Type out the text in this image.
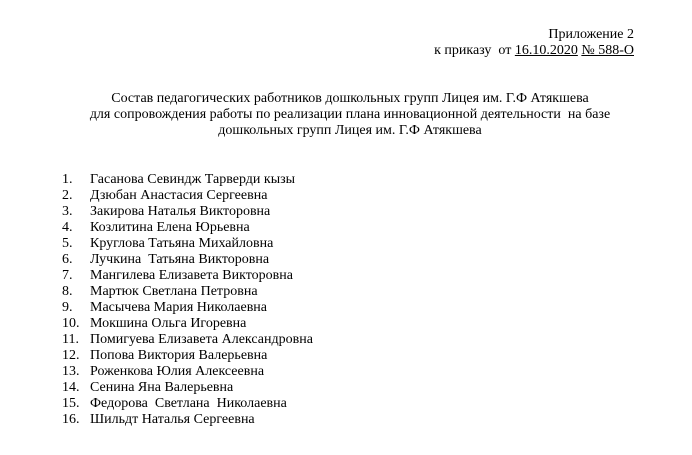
Приложение 2
к приказу  от 16.10.2020 № 588-О
Состав педагогических работников дошкольных групп Лицея им. Г.Ф Атякшева
для сопровождения работы по реализации плана инновационной деятельности  на базе
дошкольных групп Лицея им. Г.Ф Атякшева
1.	Гасанова Севиндж Тарверди кызы
2.	Дзюбан Анастасия Сергеевна
3.	Закирова Наталья Викторовна
4.	Козлитина Елена Юрьевна
5.	Круглова Татьяна Михайловна
6.	Лучкина  Татьяна Викторовна
7.	Мангилева Елизавета Викторовна
8.	Мартюк Светлана Петровна
9.	Масычева Мария Николаевна
10. Мокшина Ольга Игоревна
11. Помигуева Елизавета Александровна
12. Попова Виктория Валерьевна
13. Роженкова Юлия Алексеевна
14. Сенина Яна Валерьевна
15. Федорова  Светлана  Николаевна
16. Шильдт Наталья Сергеевна
